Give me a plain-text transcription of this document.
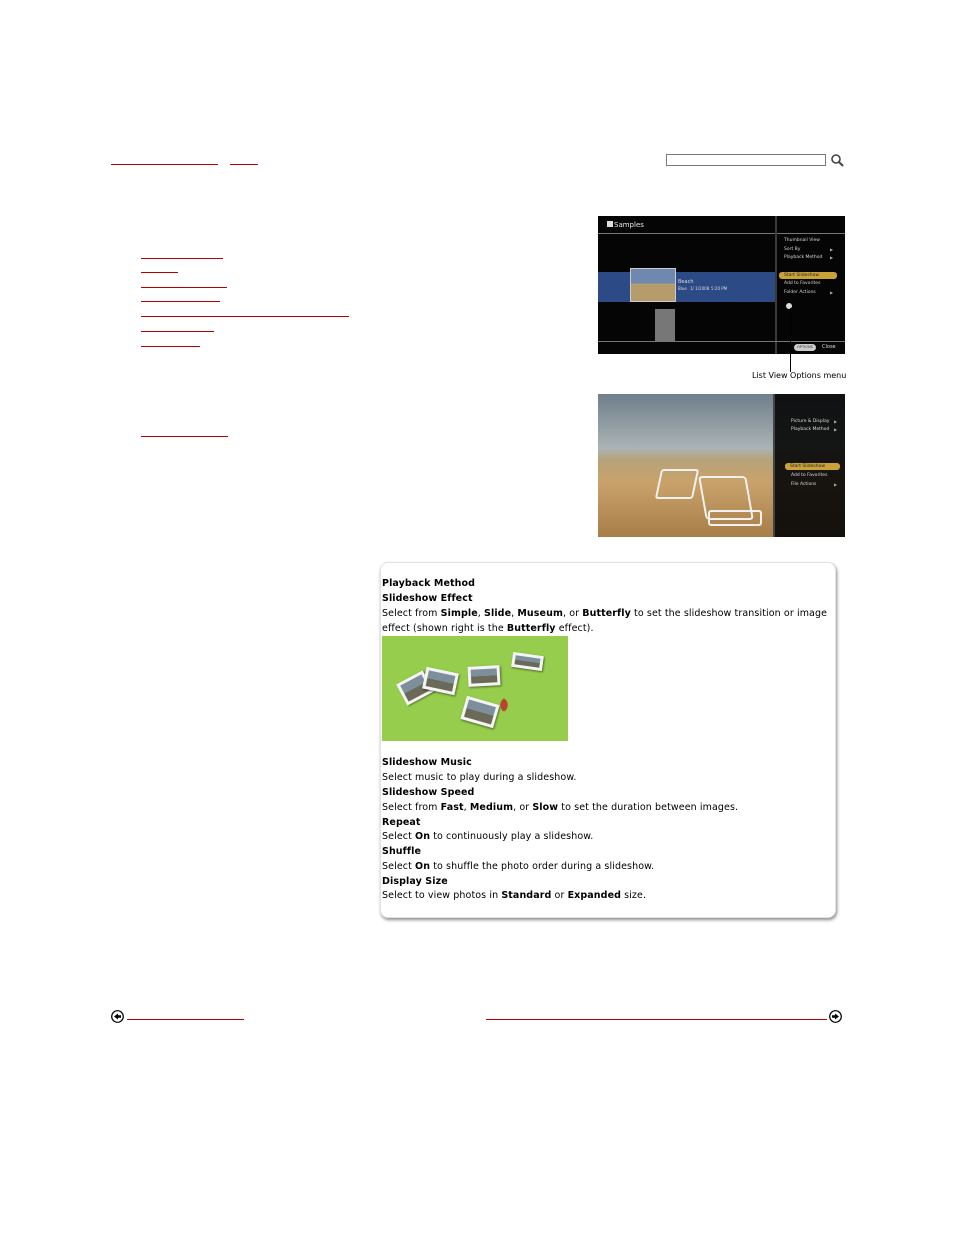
Samples
Beach
Blue 1/ 1/2008 5:20 PM
Thumbnail View
Sort By	▶
Playback Method ▶
Start Slideshow
Add to Favorites
Folder Actions	▶
OPTIONS	Close
List View Options menu
Picture & Display ▶
Playback Method ▶
Start Slideshow
Add to Favorites
File Actions	▶
Playback Method
Slideshow Effect
Select from Simple, Slide, Museum, or Butterfly to set the slideshow transition or image
effect (shown right is the Butterfly effect).
Slideshow Music
Select music to play during a slideshow.
Slideshow Speed
Select from Fast, Medium, or Slow to set the duration between images.
Repeat
Select On to continuously play a slideshow.
Shuffle
Select On to shuffle the photo order during a slideshow.
Display Size
Select to view photos in Standard or Expanded size.
